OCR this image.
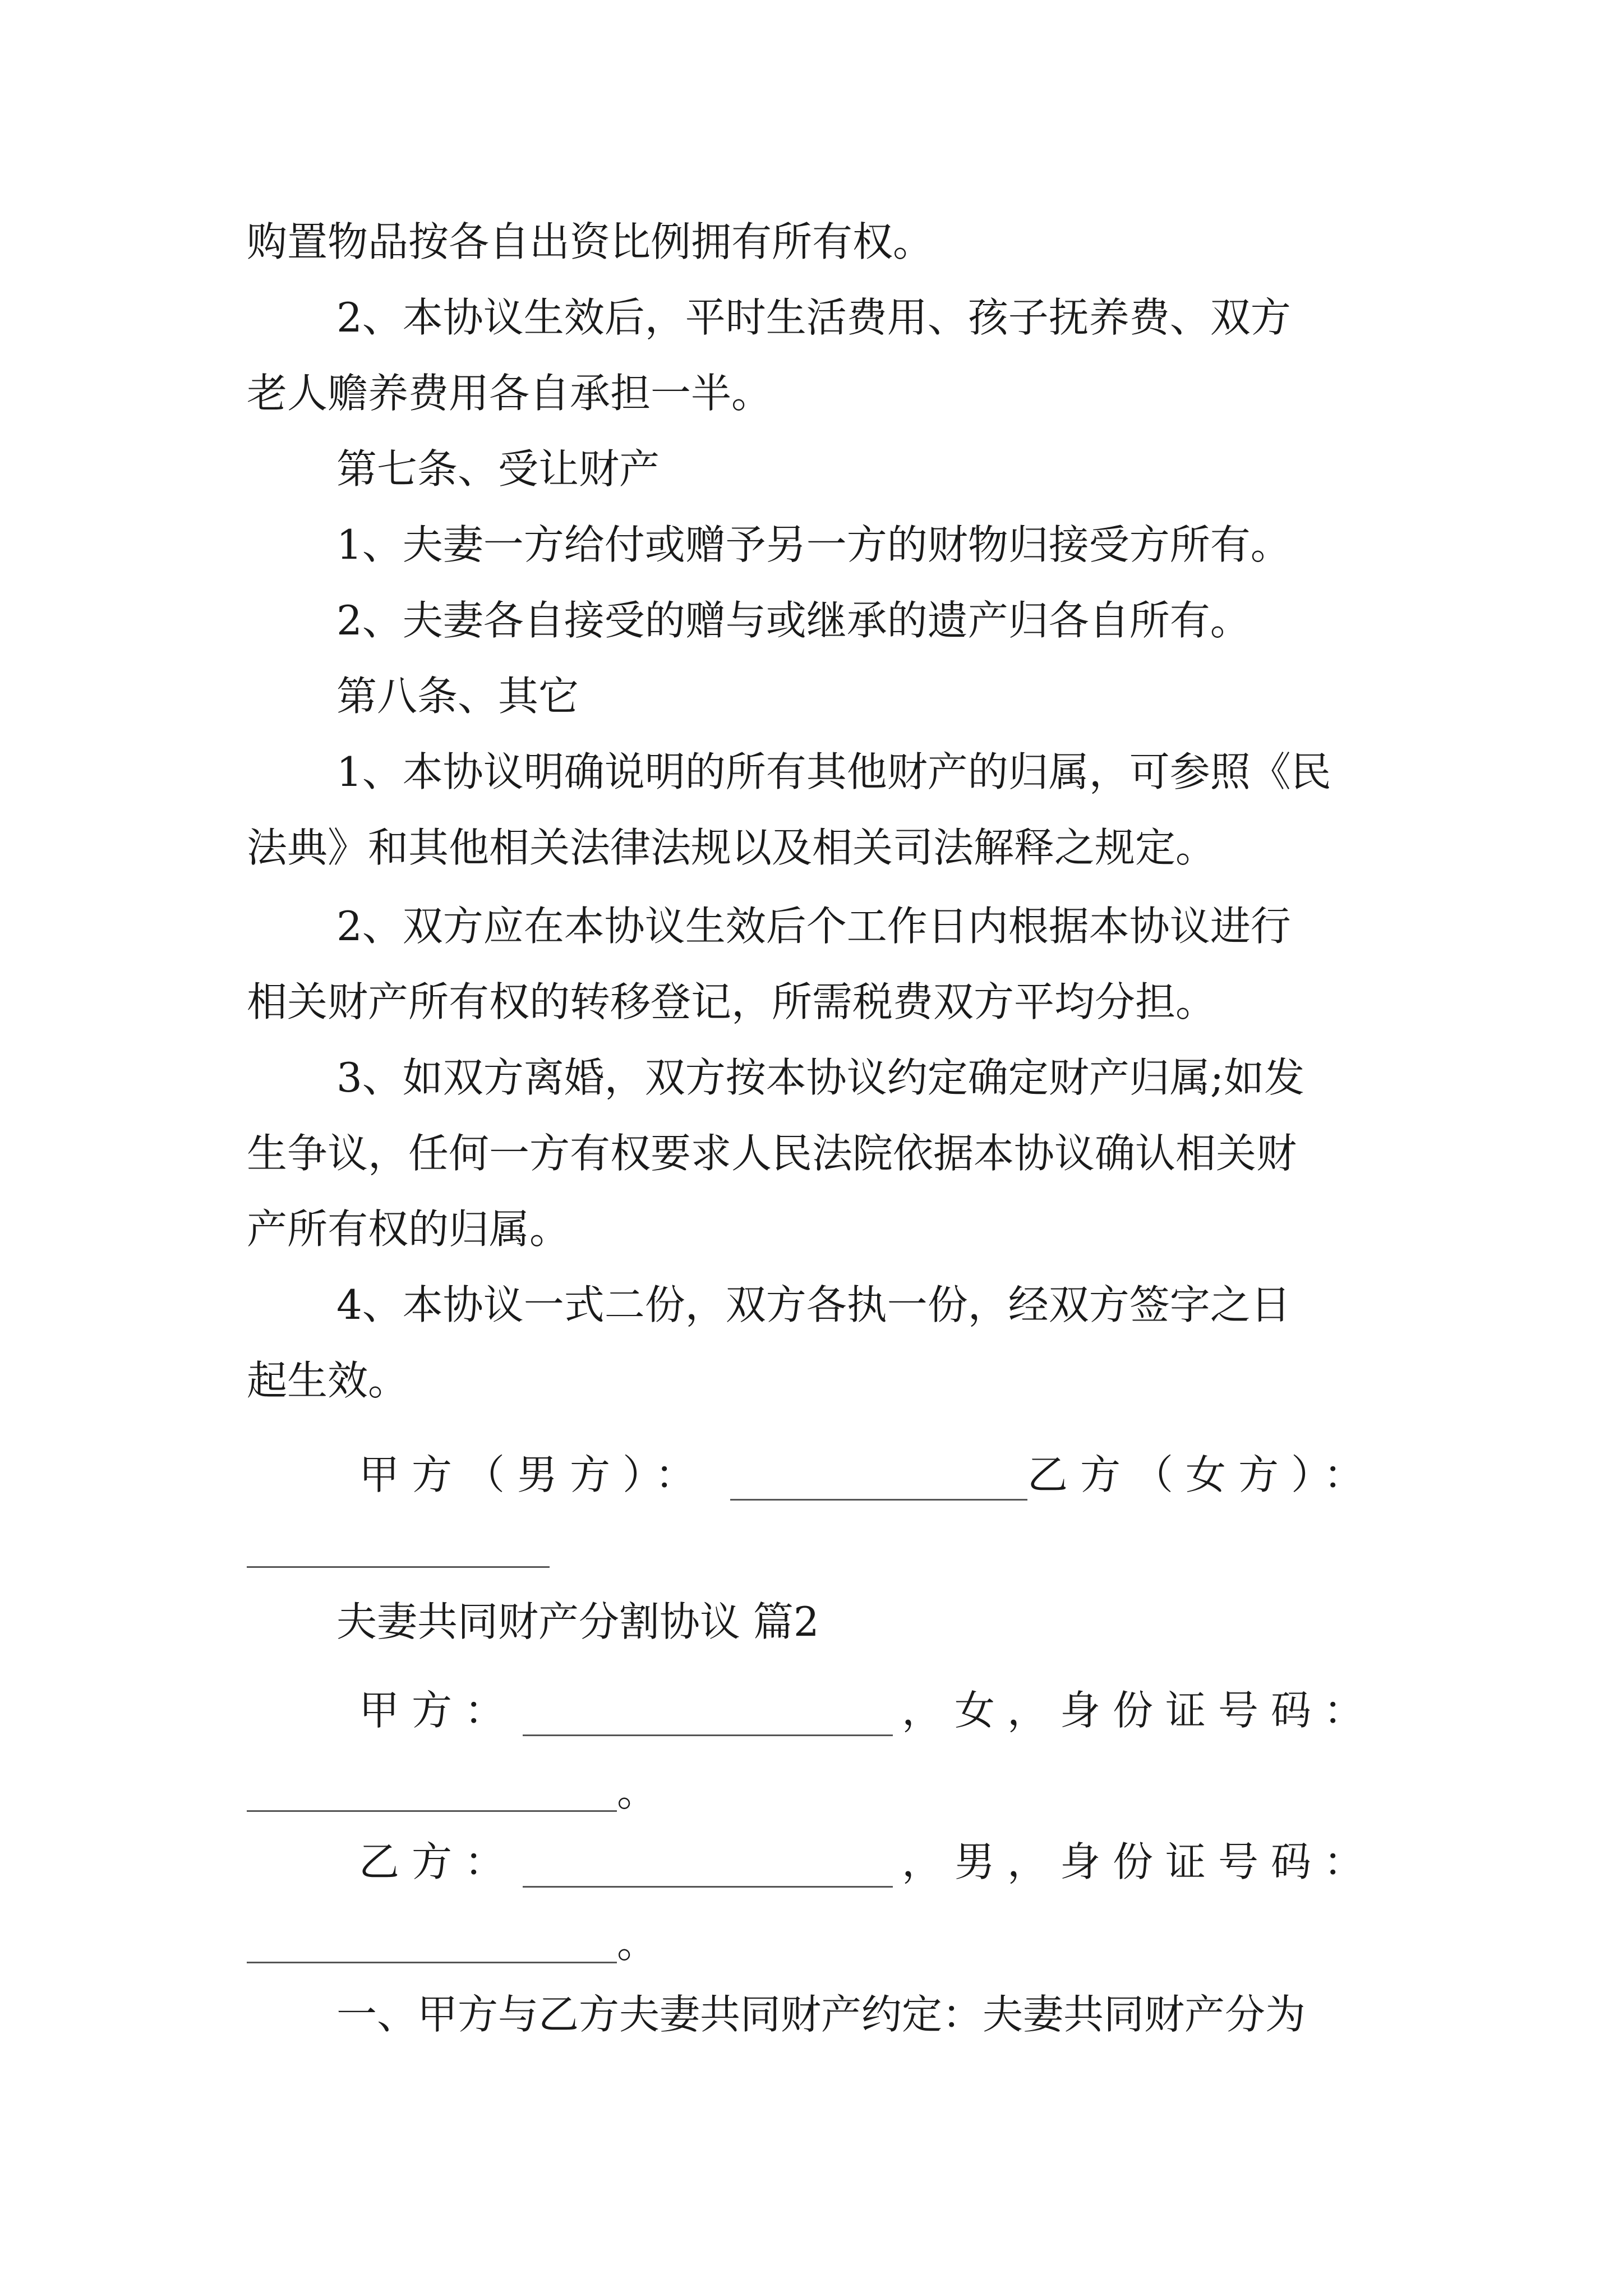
购置物品按各自出资比例拥有所有权。
2、本协议生效后，平时生活费用、孩子抚养费、双方
老人赡养费用各自承担一半。
第七条、受让财产
1、夫妻一方给付或赠予另一方的财物归接受方所有。
2、夫妻各自接受的赠与或继承的遗产归各自所有。
第八条、其它
1、本协议明确说明的所有其他财产的归属，可参照《民
法典》和其他相关法律法规以及相关司法解释之规定。
2、双方应在本协议生效后个工作日内根据本协议进行
相关财产所有权的转移登记，所需税费双方平均分担。
3、如双方离婚，双方按本协议约定确定财产归属;如发
生争议，任何一方有权要求人民法院依据本协议确认相关财
产所有权的归属。
4、本协议一式二份，双方各执一份，经双方签字之日
起生效。
甲方（男方）：	乙方（女方）：
夫妻共同财产分割协议 篇2
甲方：	，女，身份证号码：
。
乙方：	，男，身份证号码：
。
一、甲方与乙方夫妻共同财产约定：夫妻共同财产分为
